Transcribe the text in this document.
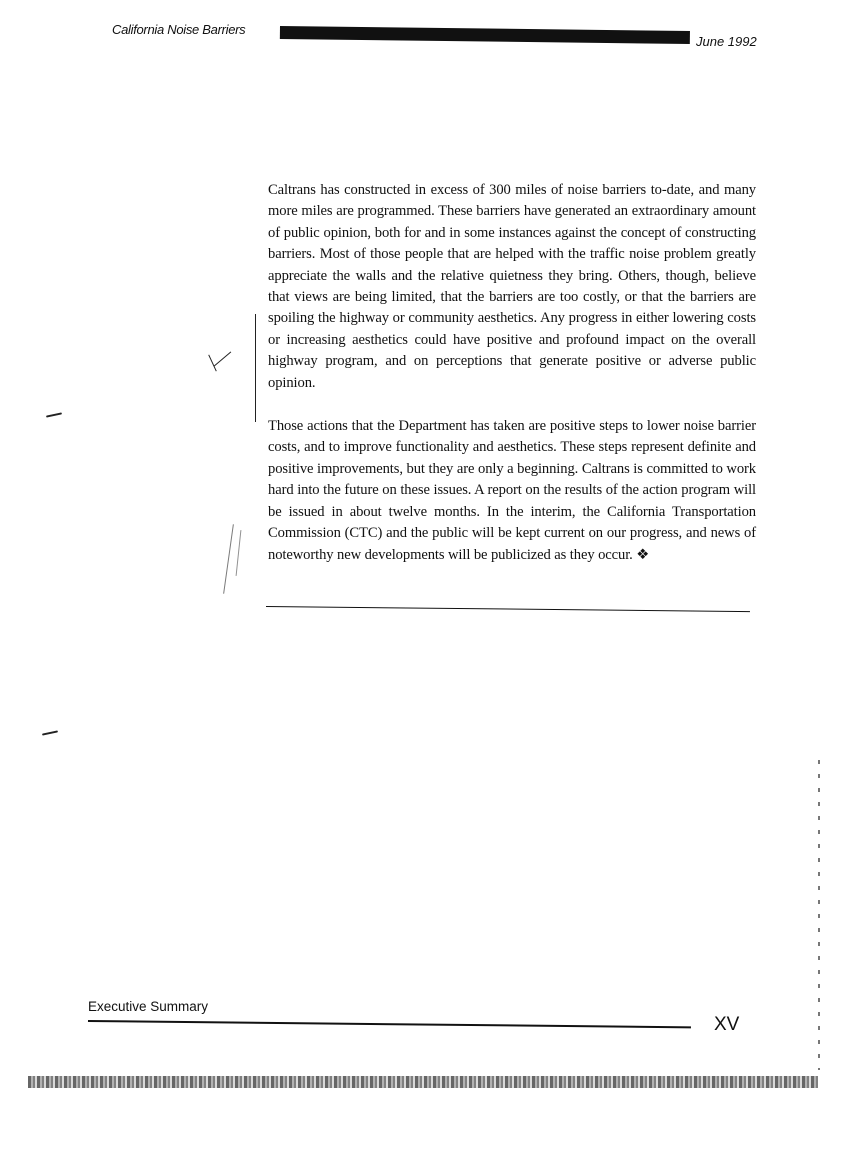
California Noise Barriers
June 1992

Caltrans has constructed in excess of 300 miles of noise barriers to-date, and many more miles are programmed. These barriers have generated an extraordinary amount of public opinion, both for and in some instances against the concept of constructing barriers. Most of those people that are helped with the traffic noise problem greatly appreciate the walls and the relative quietness they bring. Others, though, believe that views are being limited, that the barriers are too costly, or that the barriers are spoiling the highway or community aesthetics. Any progress in either lowering costs or increasing aesthetics could have positive and profound impact on the overall highway program, and on perceptions that generate positive or adverse public opinion.

Those actions that the Department has taken are positive steps to lower noise barrier costs, and to improve functionality and aesthetics. These steps represent definite and positive improvements, but they are only a beginning. Caltrans is committed to work hard into the future on these issues. A report on the results of the action program will be issued in about twelve months. In the interim, the California Transportation Commission (CTC) and the public will be kept current on our progress, and news of noteworthy new developments will be publicized as they occur. ❖

Executive Summary
XV
